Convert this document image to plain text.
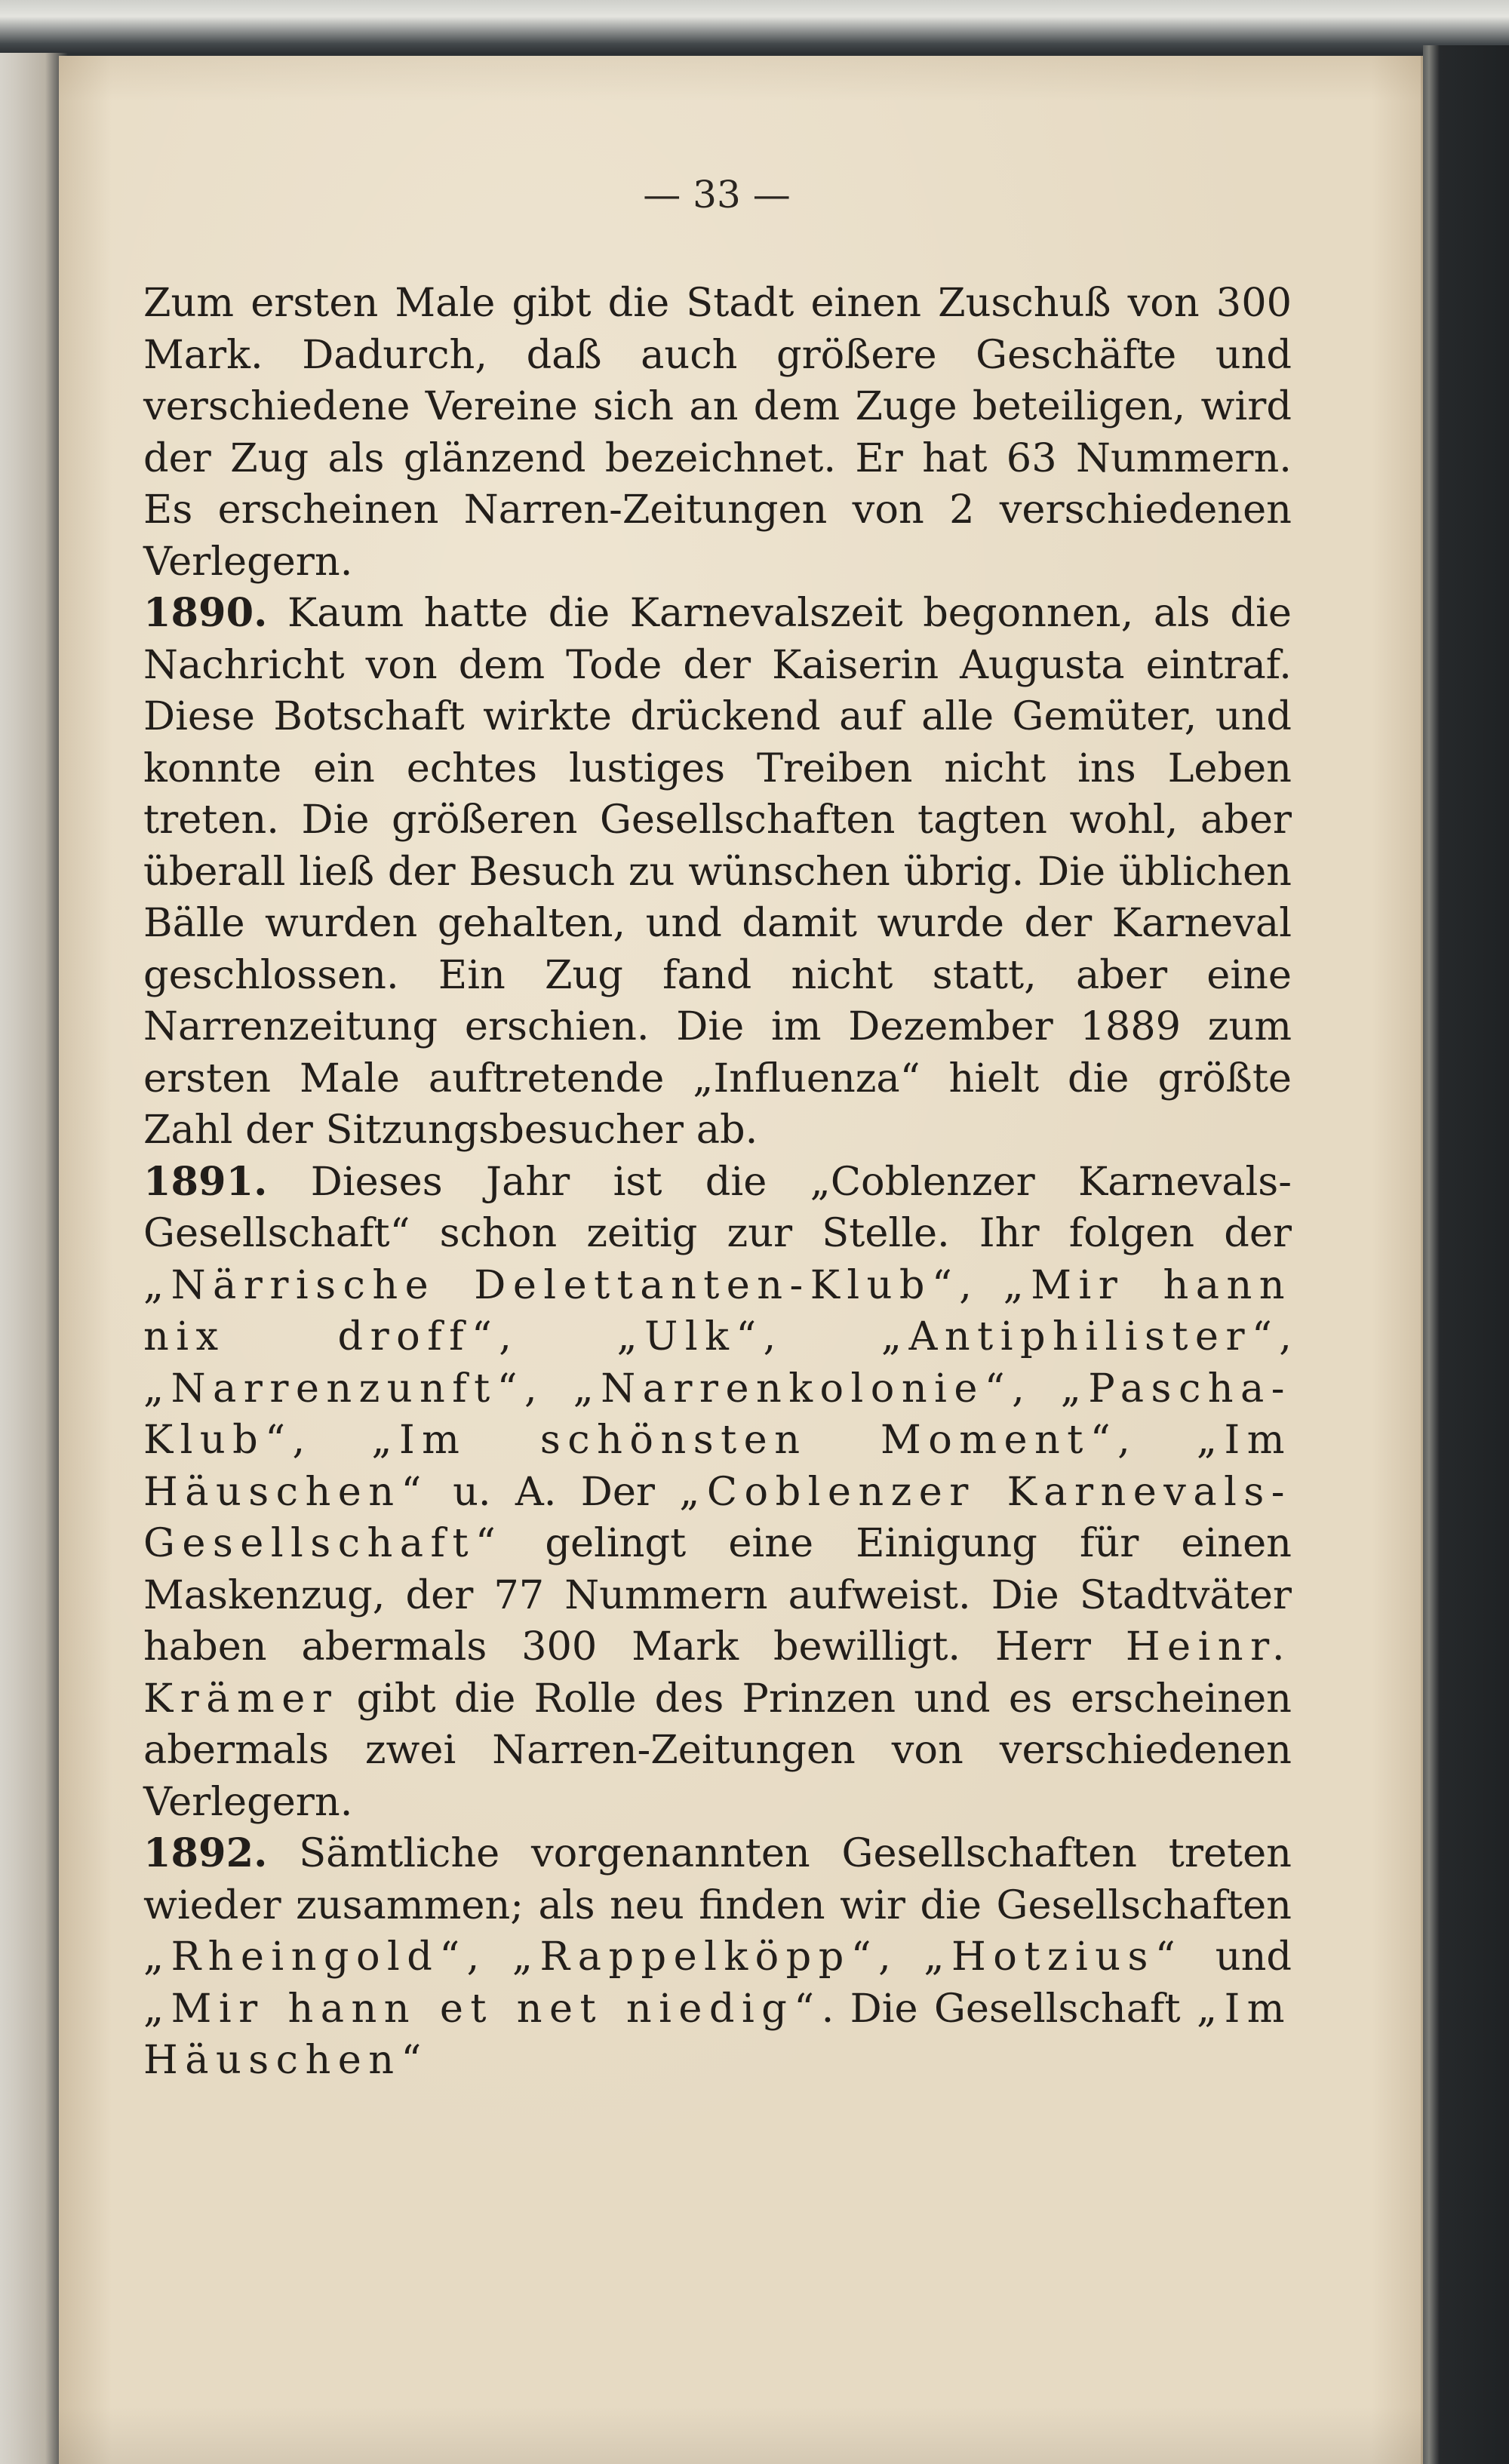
— 33 —

Zum ersten Male gibt die Stadt einen Zuschuß von 300 Mark. Dadurch, daß auch größere Geschäfte und verschiedene Vereine sich an dem Zuge beteiligen, wird der Zug als glänzend bezeichnet. Er hat 63 Nummern. Es erscheinen Narren-Zeitungen von 2 verschiedenen Verlegern.

1890. Kaum hatte die Karnevalszeit begonnen, als die Nachricht von dem Tode der Kaiserin Augusta eintraf. Diese Botschaft wirkte drückend auf alle Gemüter, und konnte ein echtes lustiges Treiben nicht ins Leben treten. Die größeren Gesellschaften tagten wohl, aber überall ließ der Besuch zu wünschen übrig. Die üblichen Bälle wurden gehalten, und damit wurde der Karneval geschlossen. Ein Zug fand nicht statt, aber eine Narrenzeitung erschien. Die im Dezember 1889 zum ersten Male auftretende „Influenza“ hielt die größte Zahl der Sitzungsbesucher ab.

1891. Dieses Jahr ist die „Coblenzer Karnevals-Gesellschaft“ schon zeitig zur Stelle. Ihr folgen der „Närrische Delettanten-Klub“, „Mir hann nix droff“, „Ulk“, „Antiphilister“, „Narrenzunft“, „Narrenkolonie“, „Pascha-Klub“, „Im schönsten Moment“, „Im Häuschen“ u. A. Der „Coblenzer Karnevals-Gesellschaft“ gelingt eine Einigung für einen Maskenzug, der 77 Nummern aufweist. Die Stadtväter haben abermals 300 Mark bewilligt. Herr Heinr. Krämer gibt die Rolle des Prinzen und es erscheinen abermals zwei Narren-Zeitungen von verschiedenen Verlegern.

1892. Sämtliche vorgenannten Gesellschaften treten wieder zusammen; als neu finden wir die Gesellschaften „Rheingold“, „Rappelköpp“, „Hotzius“ und „Mir hann et net niedig“. Die Gesellschaft „Im Häuschen“
